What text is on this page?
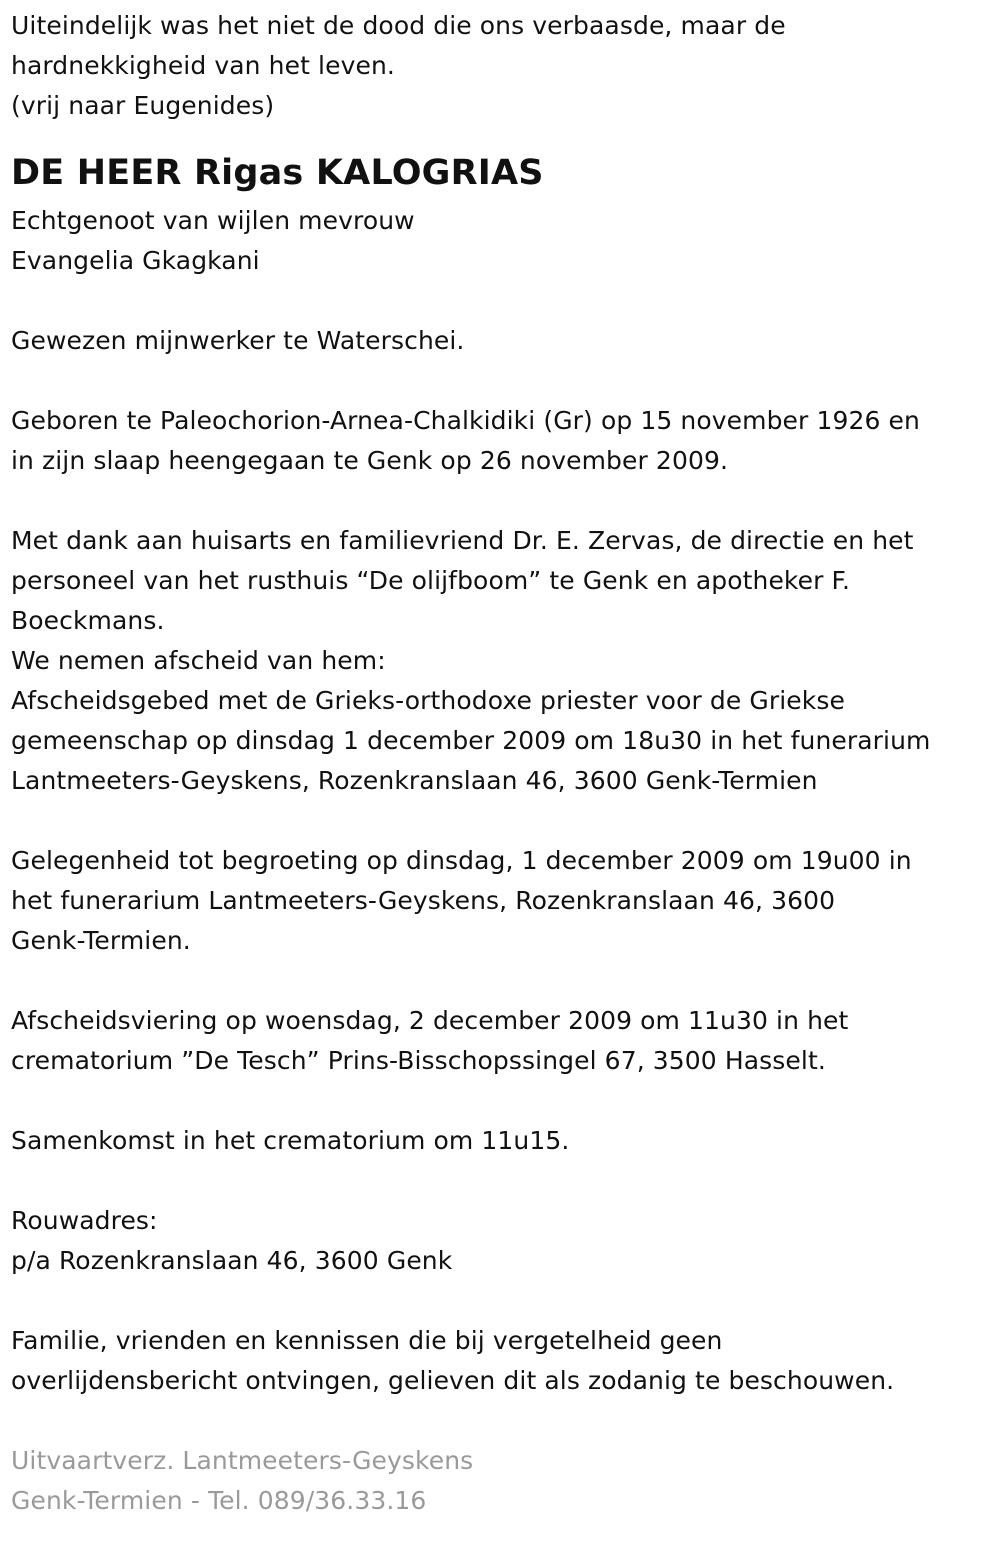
Uiteindelijk was het niet de dood die ons verbaasde, maar de
hardnekkigheid van het leven.
(vrij naar Eugenides)
DE HEER Rigas KALOGRIAS
Echtgenoot van wijlen mevrouw
Evangelia Gkagkani
Gewezen mijnwerker te Waterschei.
Geboren te Paleochorion-Arnea-Chalkidiki (Gr) op 15 november 1926 en
in zijn slaap heengegaan te Genk op 26 november 2009.
Met dank aan huisarts en familievriend Dr. E. Zervas, de directie en het
personeel van het rusthuis “De olijfboom” te Genk en apotheker F.
Boeckmans.
We nemen afscheid van hem:
Afscheidsgebed met de Grieks-orthodoxe priester voor de Griekse
gemeenschap op dinsdag 1 december 2009 om 18u30 in het funerarium
Lantmeeters-Geyskens, Rozenkranslaan 46, 3600 Genk-Termien
Gelegenheid tot begroeting op dinsdag, 1 december 2009 om 19u00 in
het funerarium Lantmeeters-Geyskens, Rozenkranslaan 46, 3600
Genk-Termien.
Afscheidsviering op woensdag, 2 december 2009 om 11u30 in het
crematorium ”De Tesch” Prins-Bisschopssingel 67, 3500 Hasselt.
Samenkomst in het crematorium om 11u15.
Rouwadres:
p/a Rozenkranslaan 46, 3600 Genk
Familie, vrienden en kennissen die bij vergetelheid geen
overlijdensbericht ontvingen, gelieven dit als zodanig te beschouwen.
Uitvaartverz. Lantmeeters-Geyskens
Genk-Termien - Tel. 089/36.33.16
